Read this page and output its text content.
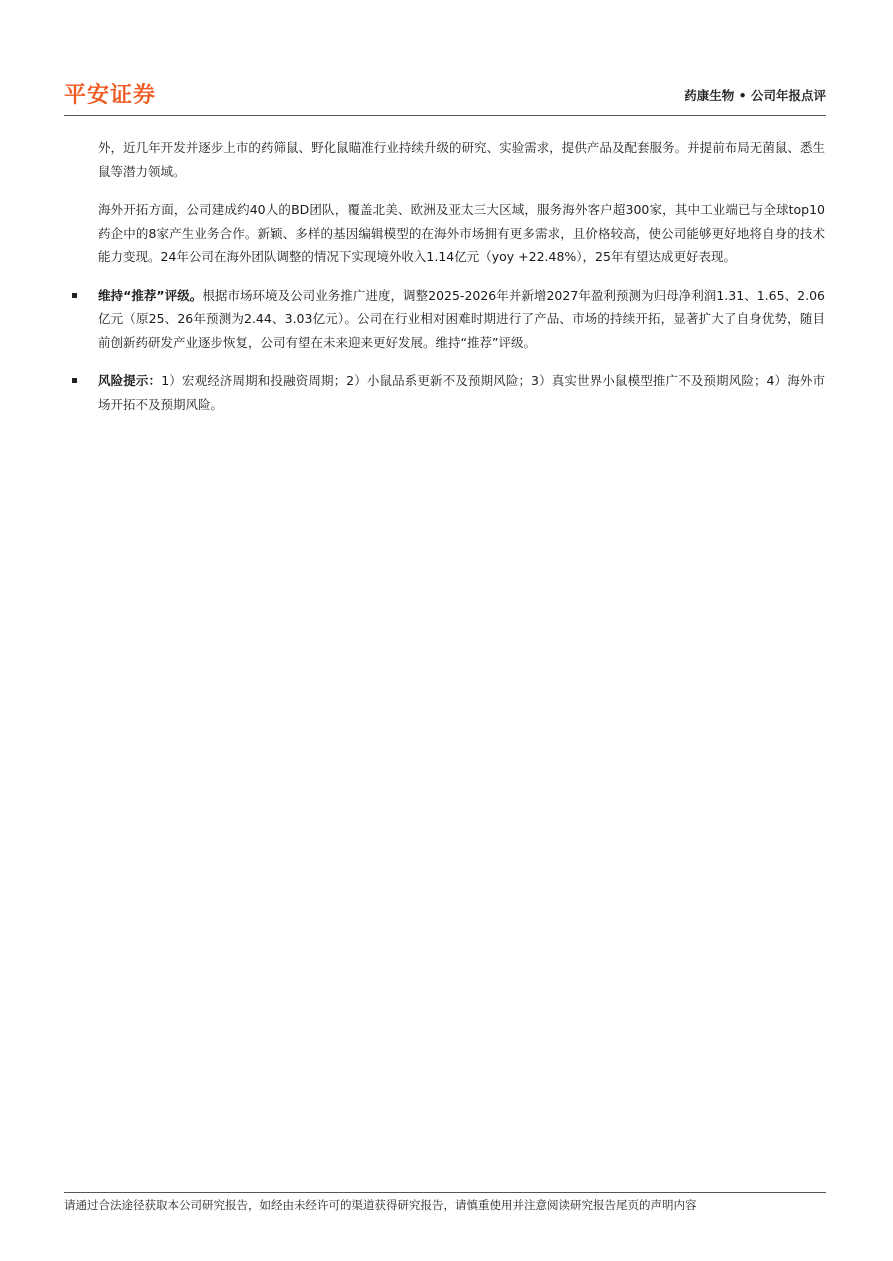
平安证券	药康生物 • 公司年报点评

外，近几年开发并逐步上市的药筛鼠、野化鼠瞄准行业持续升级的研究、实验需求，提供产品及配套服务。并提前布局无菌鼠、悉生鼠等潜力领域。

海外开拓方面，公司建成约40人的BD团队，覆盖北美、欧洲及亚太三大区域，服务海外客户超300家，其中工业端已与全球top10药企中的8家产生业务合作。新颖、多样的基因编辑模型的在海外市场拥有更多需求，且价格较高，使公司能够更好地将自身的技术能力变现。24年公司在海外团队调整的情况下实现境外收入1.14亿元（yoy +22.48%），25年有望达成更好表现。

维持“推荐”评级。根据市场环境及公司业务推广进度，调整2025-2026年并新增2027年盈利预测为归母净利润1.31、1.65、2.06亿元（原25、26年预测为2.44、3.03亿元）。公司在行业相对困难时期进行了产品、市场的持续开拓，显著扩大了自身优势，随目前创新药研发产业逐步恢复，公司有望在未来迎来更好发展。维持“推荐”评级。
风险提示：1）宏观经济周期和投融资周期；2）小鼠品系更新不及预期风险；3）真实世界小鼠模型推广不及预期风险；4）海外市场开拓不及预期风险。
请通过合法途径获取本公司研究报告，如经由未经许可的渠道获得研究报告，请慎重使用并注意阅读研究报告尾页的声明内容
